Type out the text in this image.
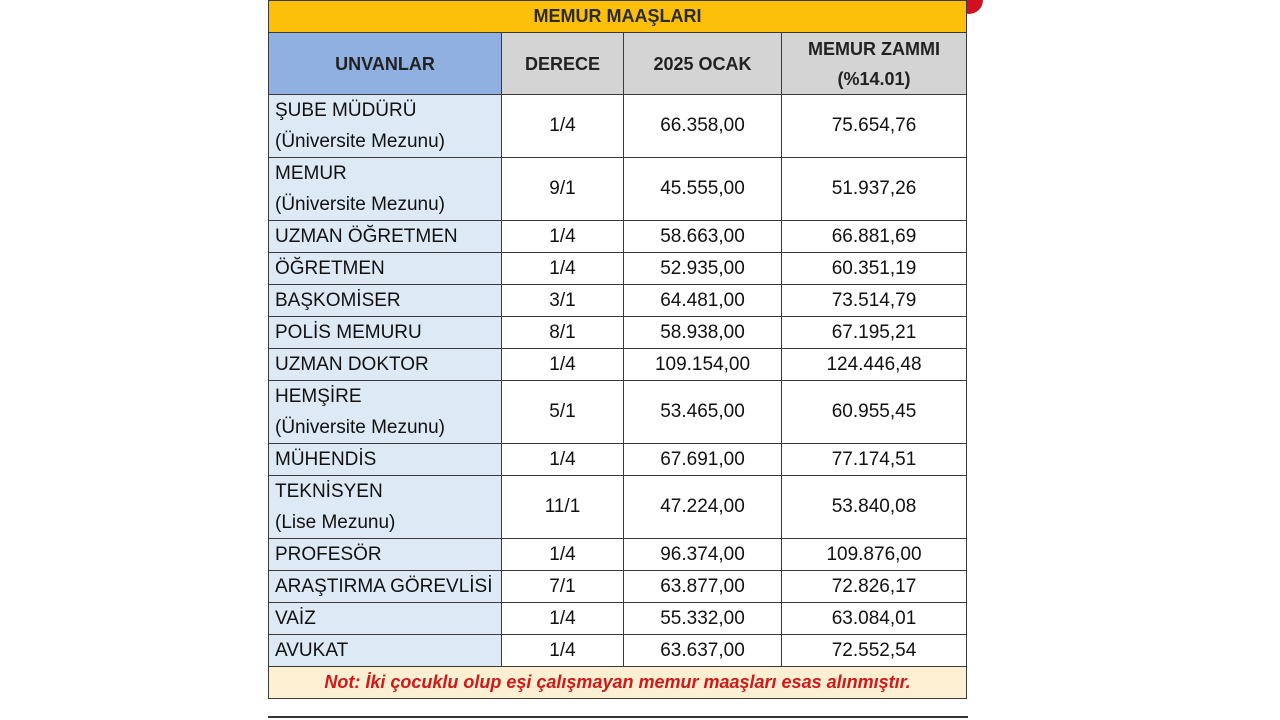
MEMUR MAAŞLARI			
UNVANLAR	DERECE	2025 OCAK	MEMUR ZAMMI
(%14.01)

ŞUBE MÜDÜRÜ
(Üniversite Mezunu)	1/4	66.358,00	75.654,76

MEMUR
(Üniversite Mezunu)	9/1	45.555,00	51.937,26

UZMAN ÖĞRETMEN	1/4	58.663,00	66.881,69

ÖĞRETMEN	1/4	52.935,00	60.351,19

BAŞKOMİSER	3/1	64.481,00	73.514,79

POLİS MEMURU	8/1	58.938,00	67.195,21

UZMAN DOKTOR	1/4	109.154,00	124.446,48

HEMŞİRE
(Üniversite Mezunu)	5/1	53.465,00	60.955,45

MÜHENDİS	1/4	67.691,00	77.174,51

TEKNİSYEN
(Lise Mezunu)	11/1	47.224,00	53.840,08

PROFESÖR	1/4	96.374,00	109.876,00

ARAŞTIRMA GÖREVLİSİ	7/1	63.877,00	72.826,17

VAİZ	1/4	55.332,00	63.084,01

AVUKAT	1/4	63.637,00	72.552,54
Not: İki çocuklu olup eşi çalışmayan memur maaşları esas alınmıştır.			
